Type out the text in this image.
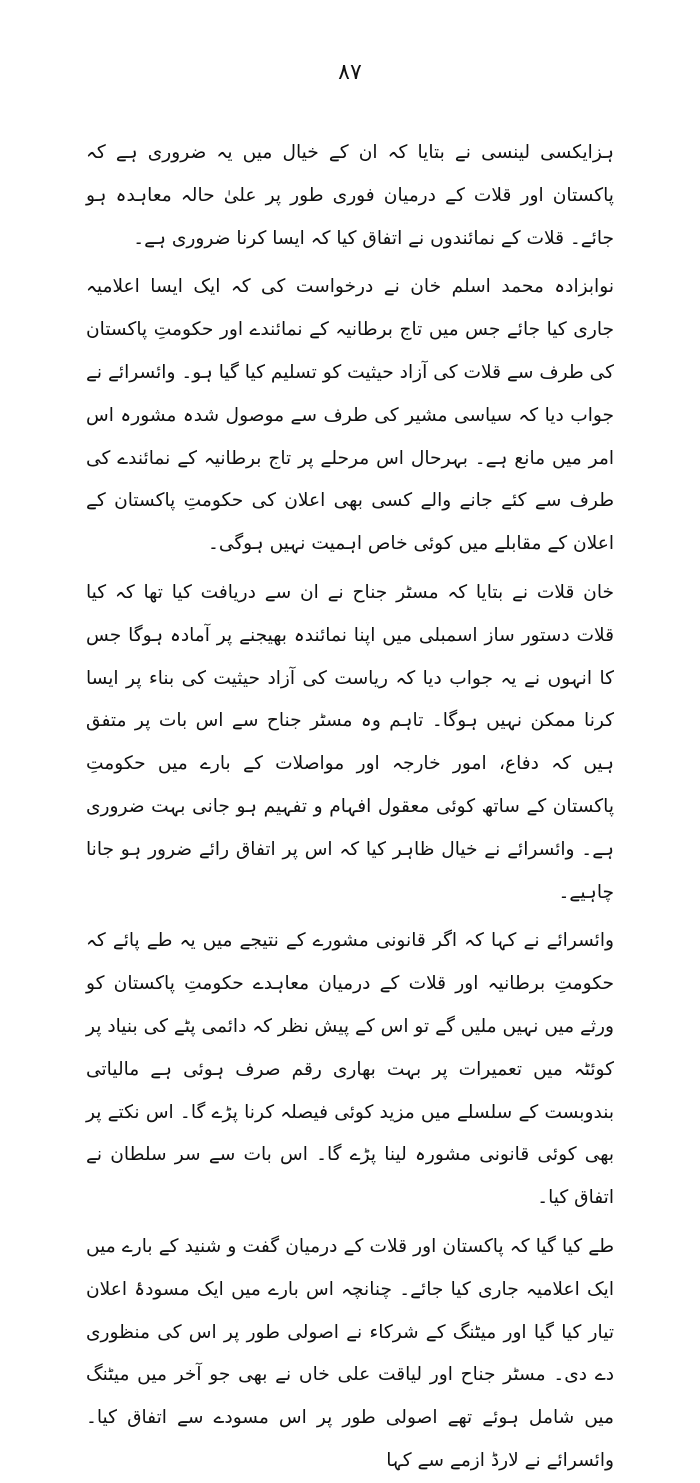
۸۷

ہزایکسی لینسی نے بتایا کہ ان کے خیال میں یہ ضروری ہے کہ پاکستان اور قلات کے درمیان فوری طور پر علیٰ حالہ معاہدہ ہو جائے۔ قلات کے نمائندوں نے اتفاق کیا کہ ایسا کرنا ضروری ہے۔

نوابزادہ محمد اسلم خان نے درخواست کی کہ ایک ایسا اعلامیہ جاری کیا جائے جس میں تاج برطانیہ کے نمائندے اور حکومتِ پاکستان کی طرف سے قلات کی آزاد حیثیت کو تسلیم کیا گیا ہو۔ وائسرائے نے جواب دیا کہ سیاسی مشیر کی طرف سے موصول شدہ مشورہ اس امر میں مانع ہے۔ بہرحال اس مرحلے پر تاج برطانیہ کے نمائندے کی طرف سے کئے جانے والے کسی بھی اعلان کی حکومتِ پاکستان کے اعلان کے مقابلے میں کوئی خاص اہمیت نہیں ہوگی۔

خان قلات نے بتایا کہ مسٹر جناح نے ان سے دریافت کیا تھا کہ کیا قلات دستور ساز اسمبلی میں اپنا نمائندہ بھیجنے پر آمادہ ہوگا جس کا انہوں نے یہ جواب دیا کہ ریاست کی آزاد حیثیت کی بناء پر ایسا کرنا ممکن نہیں ہوگا۔ تاہم وہ مسٹر جناح سے اس بات پر متفق ہیں کہ دفاع، امور خارجہ اور مواصلات کے بارے میں حکومتِ پاکستان کے ساتھ کوئی معقول افہام و تفہیم ہو جانی بہت ضروری ہے۔ وائسرائے نے خیال ظاہر کیا کہ اس پر اتفاق رائے ضرور ہو جانا چاہیے۔

وائسرائے نے کہا کہ اگر قانونی مشورے کے نتیجے میں یہ طے پائے کہ حکومتِ برطانیہ اور قلات کے درمیان معاہدے حکومتِ پاکستان کو ورثے میں نہیں ملیں گے تو اس کے پیش نظر کہ دائمی پٹے کی بنیاد پر کوئٹہ میں تعمیرات پر بہت بھاری رقم صرف ہوئی ہے مالیاتی بندوبست کے سلسلے میں مزید کوئی فیصلہ کرنا پڑے گا۔ اس نکتے پر بھی کوئی قانونی مشورہ لینا پڑے گا۔ اس بات سے سر سلطان نے اتفاق کیا۔

طے کیا گیا کہ پاکستان اور قلات کے درمیان گفت و شنید کے بارے میں ایک اعلامیہ جاری کیا جائے۔ چنانچہ اس بارے میں ایک مسودۂ اعلان تیار کیا گیا اور میٹنگ کے شرکاء نے اصولی طور پر اس کی منظوری دے دی۔ مسٹر جناح اور لیاقت علی خاں نے بھی جو آخر میں میٹنگ میں شامل ہوئے تھے اصولی طور پر اس مسودے سے اتفاق کیا۔ وائسرائے نے لارڈ ازمے سے کہا
